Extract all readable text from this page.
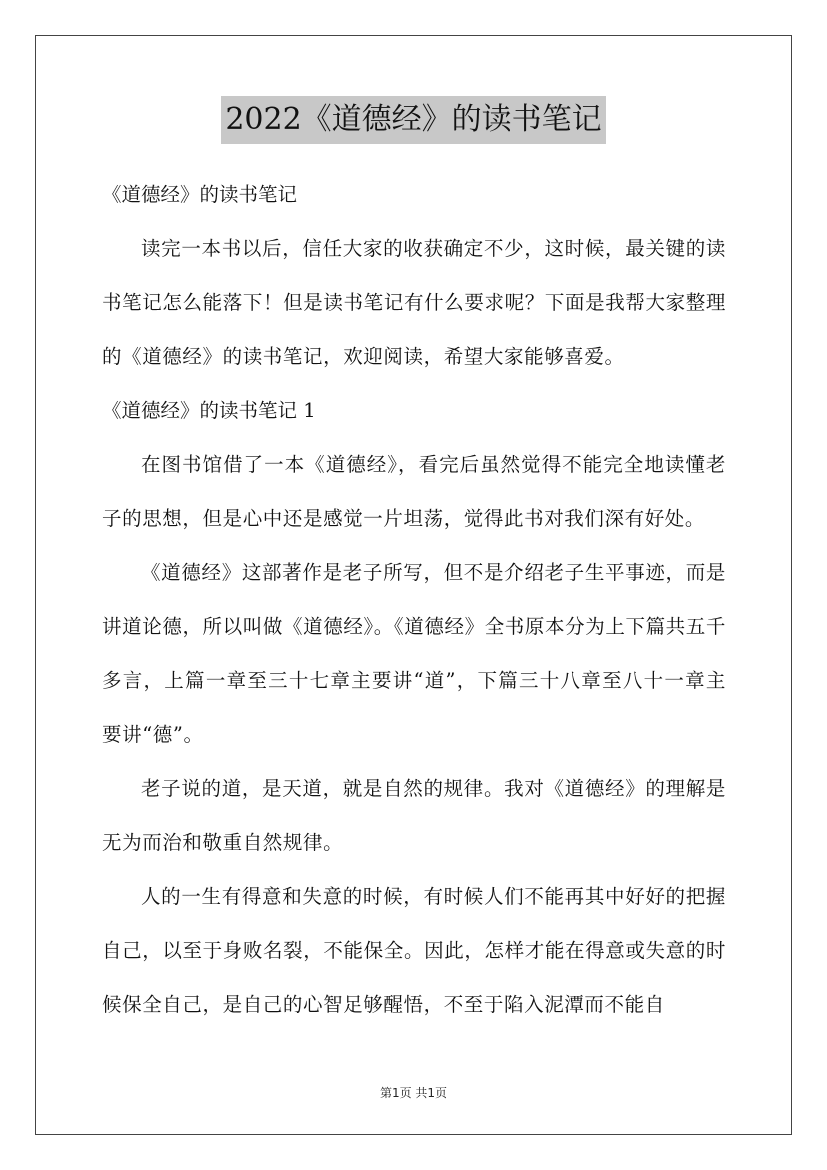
2022《道德经》的读书笔记

《道德经》的读书笔记

读完一本书以后，信任大家的收获确定不少，这时候，最关键的读书笔记怎么能落下！但是读书笔记有什么要求呢？下面是我帮大家整理的《道德经》的读书笔记，欢迎阅读，希望大家能够喜爱。

《道德经》的读书笔记 1

在图书馆借了一本《道德经》，看完后虽然觉得不能完全地读懂老子的思想，但是心中还是感觉一片坦荡，觉得此书对我们深有好处。

《道德经》这部著作是老子所写，但不是介绍老子生平事迹，而是讲道论德，所以叫做《道德经》。《道德经》全书原本分为上下篇共五千多言，上篇一章至三十七章主要讲“道”，下篇三十八章至八十一章主要讲“德”。

老子说的道，是天道，就是自然的规律。我对《道德经》的理解是无为而治和敬重自然规律。

人的一生有得意和失意的时候，有时候人们不能再其中好好的把握自己，以至于身败名裂，不能保全。因此，怎样才能在得意或失意的时候保全自己，是自己的心智足够醒悟，不至于陷入泥潭而不能自

第1页 共1页
